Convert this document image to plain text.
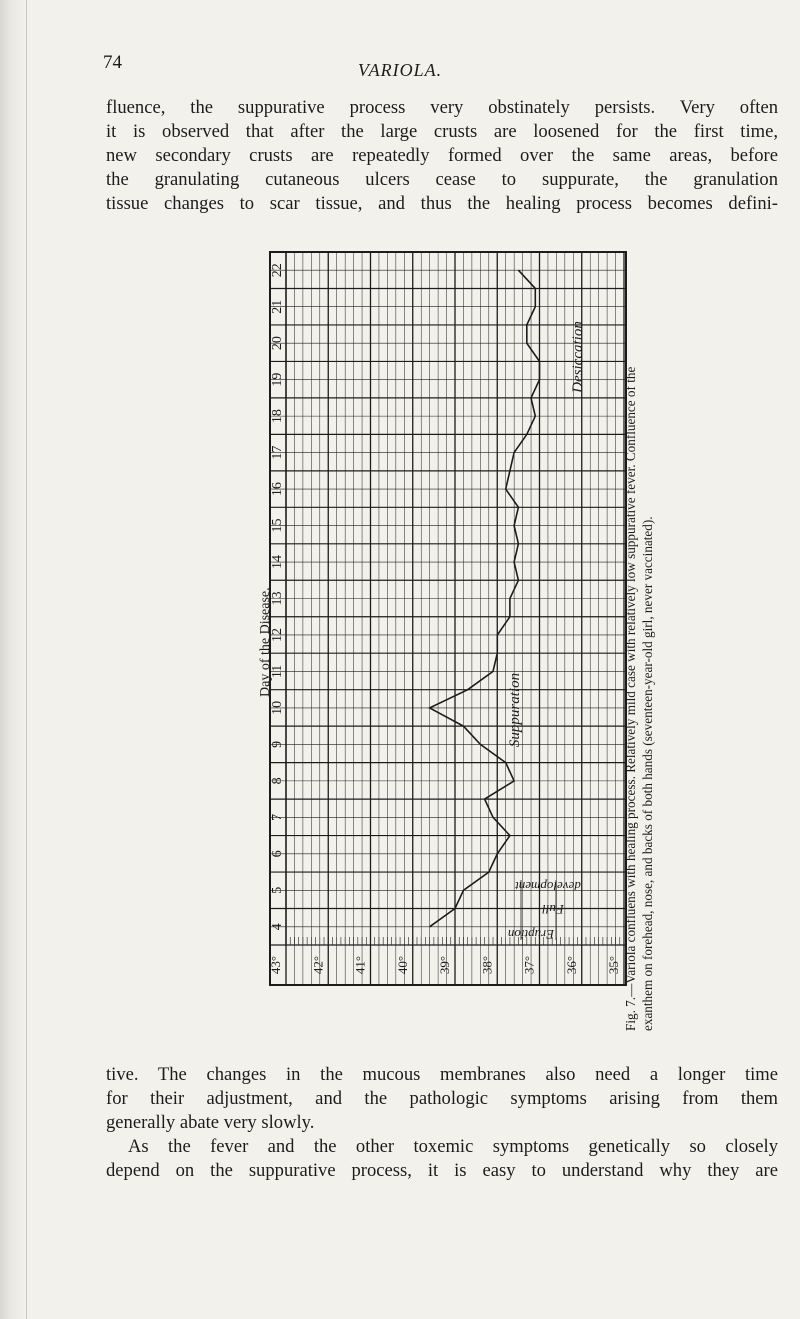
74	VARIOLA.

fluence, the suppurative process very obstinately persists. Very often
it is observed that after the large crusts are loosened for the first time,
new secondary crusts are repeatedly formed over the same areas, before
the granulating cutaneous ulcers cease to suppurate, the granulation
tissue changes to scar tissue, and thus the healing process becomes defini-

Day of the Disease.
4
5
6
7
8
9
10
11
12
13
14
15
16
17
18
19
20
21
22
43° 42° 41° 40° 39° 38° 37° 36° 35°
Eruption
Full
development
Suppuration
Desiccation
Fig. 7.—Variola confluens with healing process. Relatively mild case with relatively low suppurative fever. Confluence of the exanthem on forehead, nose, and backs of both hands (seventeen-year-old girl, never vaccinated).

tive. The changes in the mucous membranes also need a longer time
for their adjustment, and the pathologic symptoms arising from them
generally abate very slowly.
As the fever and the other toxemic symptoms genetically so closely
depend on the suppurative process, it is easy to understand why they are
